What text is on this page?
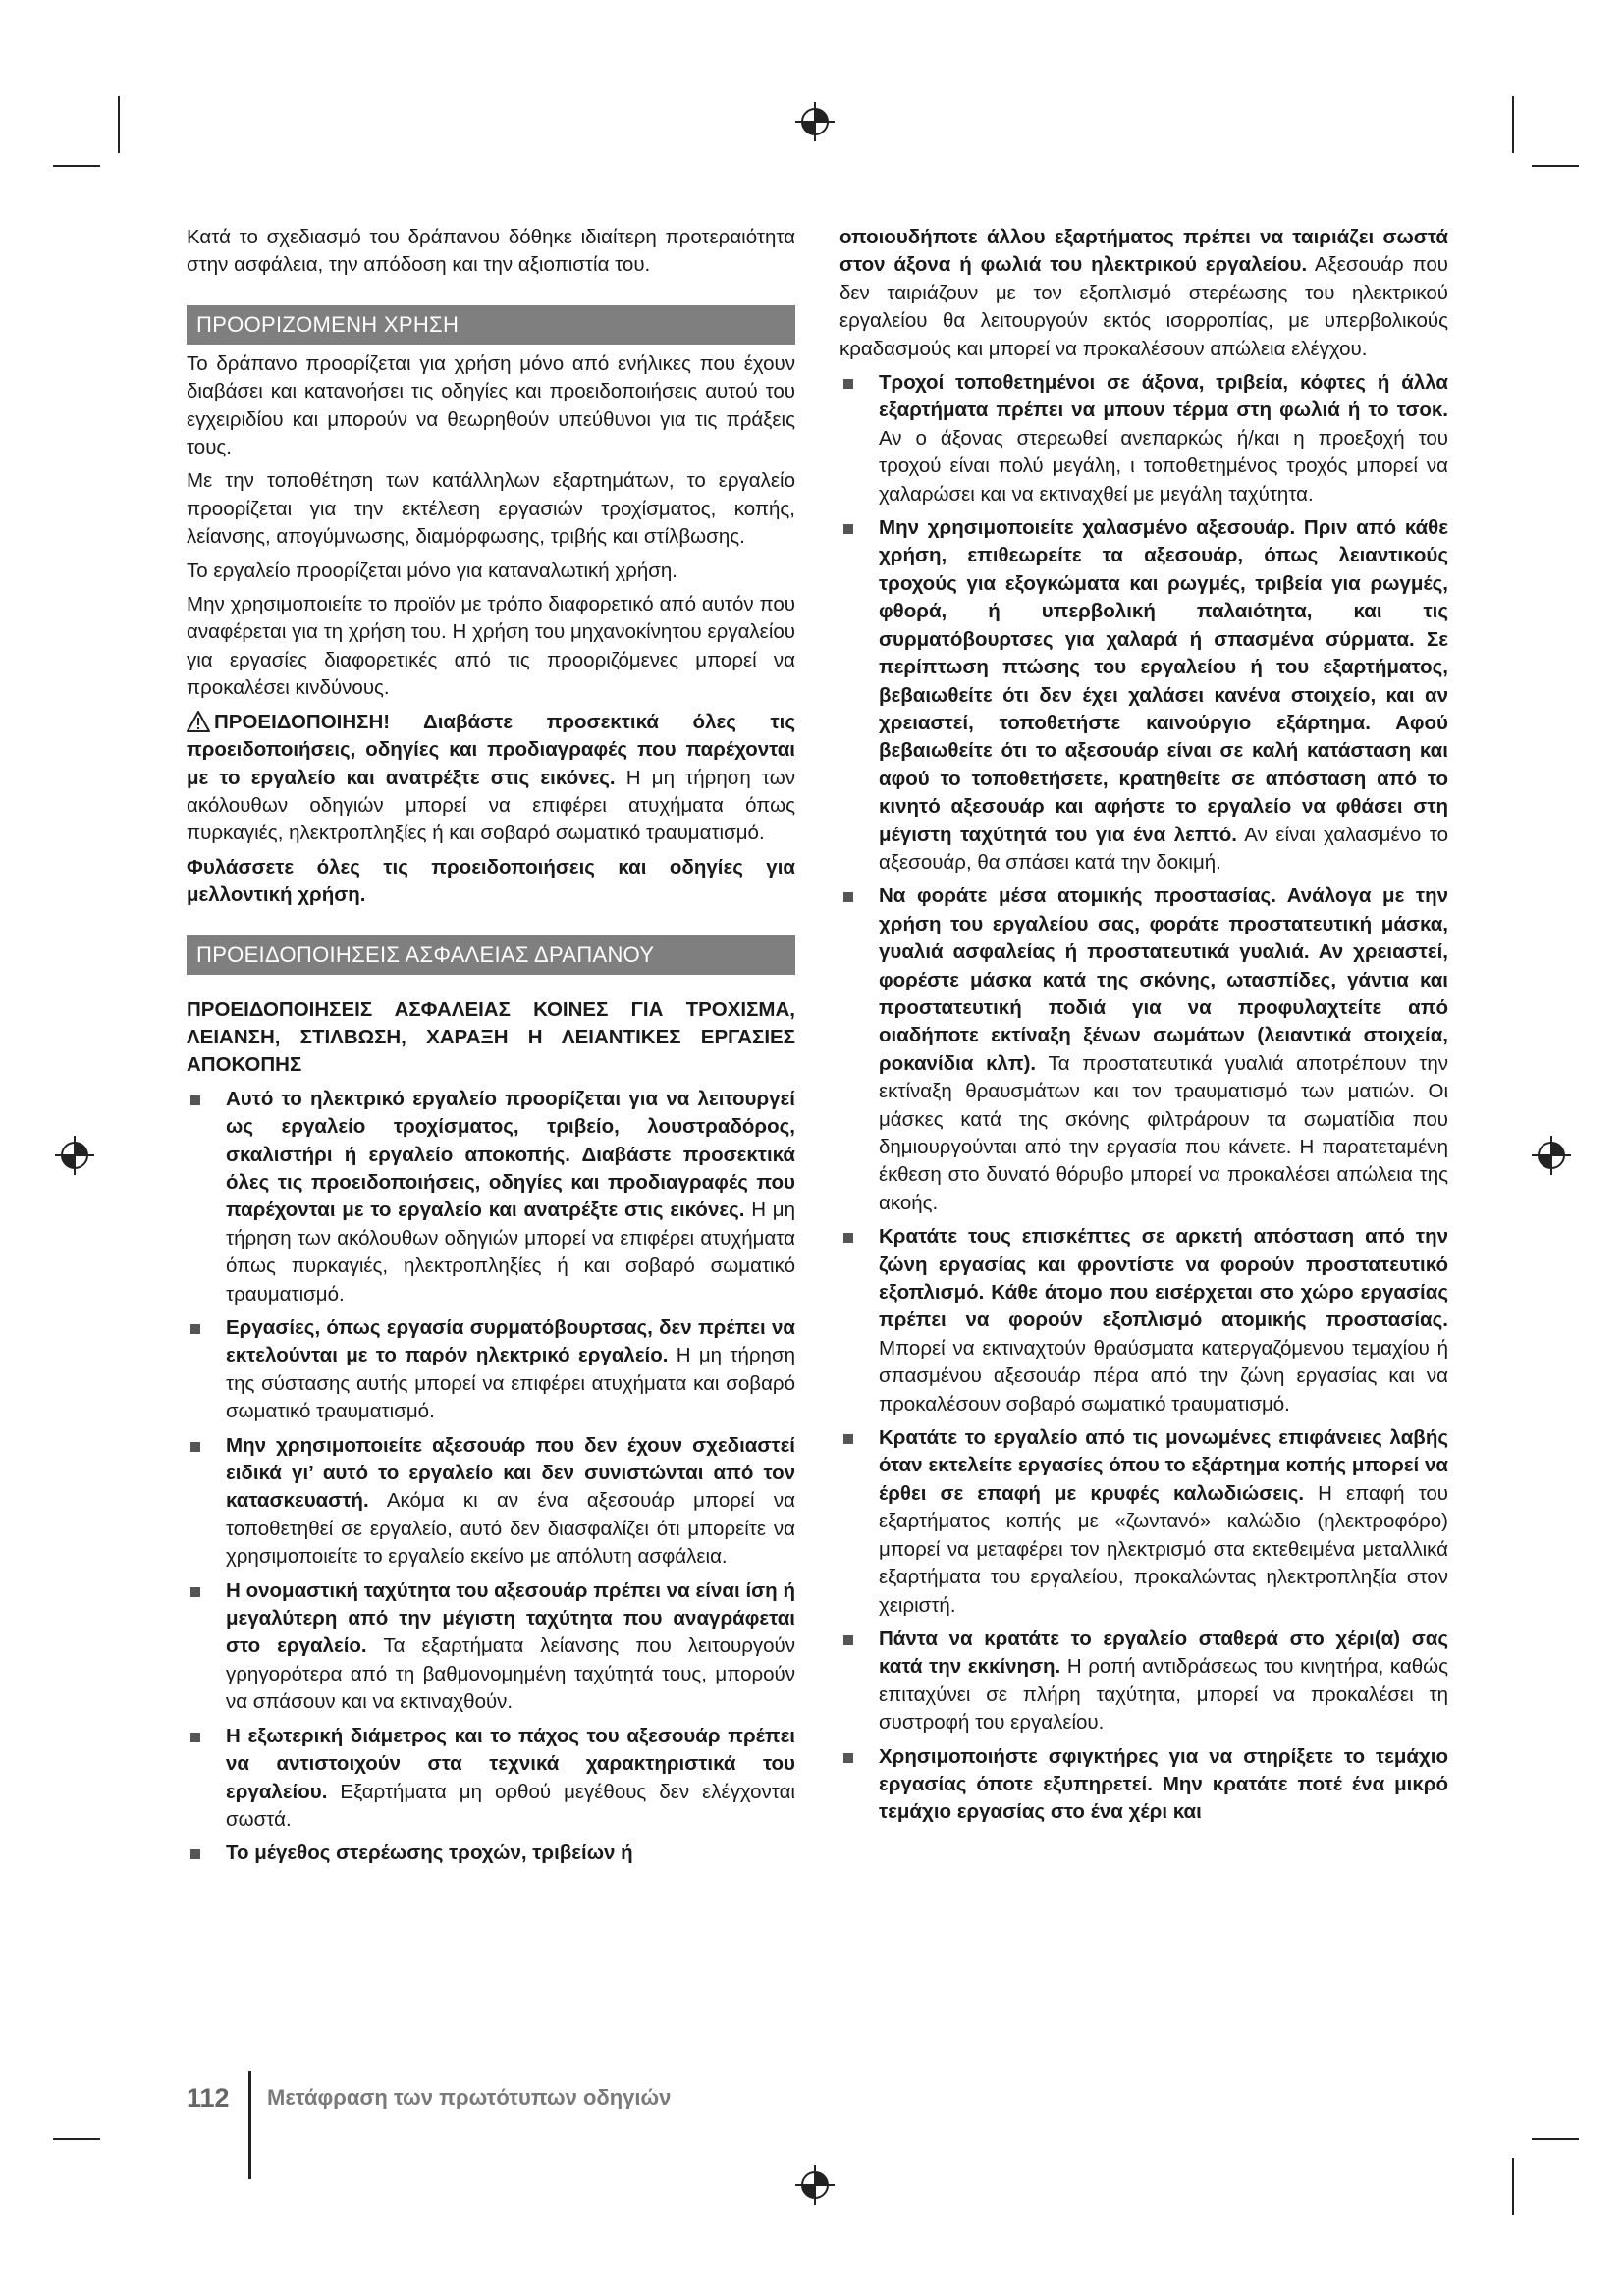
Κατά το σχεδιασμό του δράπανου δόθηκε ιδιαίτερη προτεραιότητα στην ασφάλεια, την απόδοση και την αξιοπιστία του.

ΠΡΟΟΡΙΖΟΜΕΝΗ ΧΡΗΣΗ

Το δράπανο προορίζεται για χρήση μόνο από ενήλικες που έχουν διαβάσει και κατανοήσει τις οδηγίες και προειδοποιήσεις αυτού του εγχειριδίου και μπορούν να θεωρηθούν υπεύθυνοι για τις πράξεις τους.

Με την τοποθέτηση των κατάλληλων εξαρτημάτων, το εργαλείο προορίζεται για την εκτέλεση εργασιών τροχίσματος, κοπής, λείανσης, απογύμνωσης, διαμόρφωσης, τριβής και στίλβωσης.

Το εργαλείο προορίζεται μόνο για καταναλωτική χρήση.

Μην χρησιμοποιείτε το προϊόν με τρόπο διαφορετικό από αυτόν που αναφέρεται για τη χρήση του. Η χρήση του μηχανοκίνητου εργαλείου για εργασίες διαφορετικές από τις προοριζόμενες μπορεί να προκαλέσει κινδύνους.

ΠΡΟΕΙΔΟΠΟΙΗΣΗ! Διαβάστε προσεκτικά όλες τις προειδοποιήσεις, οδηγίες και προδιαγραφές που παρέχονται με το εργαλείο και ανατρέξτε στις εικόνες. Η μη τήρηση των ακόλουθων οδηγιών μπορεί να επιφέρει ατυχήματα όπως πυρκαγιές, ηλεκτροπληξίες ή και σοβαρό σωματικό τραυματισμό.

Φυλάσσετε όλες τις προειδοποιήσεις και οδηγίες για μελλοντική χρήση.

ΠΡΟΕΙΔΟΠΟΙΗΣΕΙΣ ΑΣΦΑΛΕΙΑΣ ΔΡΑΠΑΝΟΥ

ΠΡΟΕΙΔΟΠΟΙΗΣΕΙΣ ΑΣΦΑΛΕΙΑΣ ΚΟΙΝΕΣ ΓΙΑ ΤΡΟΧΙΣΜΑ, ΛΕΙΑΝΣΗ, ΣΤΙΛΒΩΣΗ, ΧΑΡΑΞΗ Η ΛΕΙΑΝΤΙΚΕΣ ΕΡΓΑΣΙΕΣ ΑΠΟΚΟΠΗΣ

Αυτό το ηλεκτρικό εργαλείο προορίζεται για να λειτουργεί ως εργαλείο τροχίσματος, τριβείο, λουστραδόρος, σκαλιστήρι ή εργαλείο αποκοπής. Διαβάστε προσεκτικά όλες τις προειδοποιήσεις, οδηγίες και προδιαγραφές που παρέχονται με το εργαλείο και ανατρέξτε στις εικόνες. Η μη τήρηση των ακόλουθων οδηγιών μπορεί να επιφέρει ατυχήματα όπως πυρκαγιές, ηλεκτροπληξίες ή και σοβαρό σωματικό τραυματισμό.
Εργασίες, όπως εργασία συρματόβουρτσας, δεν πρέπει να εκτελούνται με το παρόν ηλεκτρικό εργαλείο. Η μη τήρηση της σύστασης αυτής μπορεί να επιφέρει ατυχήματα και σοβαρό σωματικό τραυματισμό.
Μην χρησιμοποιείτε αξεσουάρ που δεν έχουν σχεδιαστεί ειδικά γι’ αυτό το εργαλείο και δεν συνιστώνται από τον κατασκευαστή. Ακόμα κι αν ένα αξεσουάρ μπορεί να τοποθετηθεί σε εργαλείο, αυτό δεν διασφαλίζει ότι μπορείτε να χρησιμοποιείτε το εργαλείο εκείνο με απόλυτη ασφάλεια.
Η ονομαστική ταχύτητα του αξεσουάρ πρέπει να είναι ίση ή μεγαλύτερη από την μέγιστη ταχύτητα που αναγράφεται στο εργαλείο. Τα εξαρτήματα λείανσης που λειτουργούν γρηγορότερα από τη βαθμονομημένη ταχύτητά τους, μπορούν να σπάσουν και να εκτιναχθούν.
Η εξωτερική διάμετρος και το πάχος του αξεσουάρ πρέπει να αντιστοιχούν στα τεχνικά χαρακτηριστικά του εργαλείου. Εξαρτήματα μη ορθού μεγέθους δεν ελέγχονται σωστά.
Το μέγεθος στερέωσης τροχών, τριβείων ή

οποιουδήποτε άλλου εξαρτήματος πρέπει να ταιριάζει σωστά στον άξονα ή φωλιά του ηλεκτρικού εργαλείου. Αξεσουάρ που δεν ταιριάζουν με τον εξοπλισμό στερέωσης του ηλεκτρικού εργαλείου θα λειτουργούν εκτός ισορροπίας, με υπερβολικούς κραδασμούς και μπορεί να προκαλέσουν απώλεια ελέγχου.

Τροχοί τοποθετημένοι σε άξονα, τριβεία, κόφτες ή άλλα εξαρτήματα πρέπει να μπουν τέρμα στη φωλιά ή το τσοκ. Αν ο άξονας στερεωθεί ανεπαρκώς ή/και η προεξοχή του τροχού είναι πολύ μεγάλη, ι τοποθετημένος τροχός μπορεί να χαλαρώσει και να εκτιναχθεί με μεγάλη ταχύτητα.
Μην χρησιμοποιείτε χαλασμένο αξεσουάρ. Πριν από κάθε χρήση, επιθεωρείτε τα αξεσουάρ, όπως λειαντικούς τροχούς για εξογκώματα και ρωγμές, τριβεία για ρωγμές, φθορά, ή υπερβολική παλαιότητα, και τις συρματόβουρτσες για χαλαρά ή σπασμένα σύρματα. Σε περίπτωση πτώσης του εργαλείου ή του εξαρτήματος, βεβαιωθείτε ότι δεν έχει χαλάσει κανένα στοιχείο, και αν χρειαστεί, τοποθετήστε καινούργιο εξάρτημα. Αφού βεβαιωθείτε ότι το αξεσουάρ είναι σε καλή κατάσταση και αφού το τοποθετήσετε, κρατηθείτε σε απόσταση από το κινητό αξεσουάρ και αφήστε το εργαλείο να φθάσει στη μέγιστη ταχύτητά του για ένα λεπτό. Αν είναι χαλασμένο το αξεσουάρ, θα σπάσει κατά την δοκιμή.
Να φοράτε μέσα ατομικής προστασίας. Ανάλογα με την χρήση του εργαλείου σας, φοράτε προστατευτική μάσκα, γυαλιά ασφαλείας ή προστατευτικά γυαλιά. Αν χρειαστεί, φορέστε μάσκα κατά της σκόνης, ωτασπίδες, γάντια και προστατευτική ποδιά για να προφυλαχτείτε από οιαδήποτε εκτίναξη ξένων σωμάτων (λειαντικά στοιχεία, ροκανίδια κλπ). Τα προστατευτικά γυαλιά αποτρέπουν την εκτίναξη θραυσμάτων και τον τραυματισμό των ματιών. Οι μάσκες κατά της σκόνης φιλτράρουν τα σωματίδια που δημιουργούνται από την εργασία που κάνετε. Η παρατεταμένη έκθεση στο δυνατό θόρυβο μπορεί να προκαλέσει απώλεια της ακοής.
Κρατάτε τους επισκέπτες σε αρκετή απόσταση από την ζώνη εργασίας και φροντίστε να φορούν προστατευτικό εξοπλισμό. Κάθε άτομο που εισέρχεται στο χώρο εργασίας πρέπει να φορούν εξοπλισμό ατομικής προστασίας. Μπορεί να εκτιναχτούν θραύσματα κατεργαζόμενου τεμαχίου ή σπασμένου αξεσουάρ πέρα από την ζώνη εργασίας και να προκαλέσουν σοβαρό σωματικό τραυματισμό.
Κρατάτε το εργαλείο από τις μονωμένες επιφάνειες λαβής όταν εκτελείτε εργασίες όπου το εξάρτημα κοπής μπορεί να έρθει σε επαφή με κρυφές καλωδιώσεις. Η επαφή του εξαρτήματος κοπής με «ζωντανό» καλώδιο (ηλεκτροφόρο) μπορεί να μεταφέρει τον ηλεκτρισμό στα εκτεθειμένα μεταλλικά εξαρτήματα του εργαλείου, προκαλώντας ηλεκτροπληξία στον χειριστή.
Πάντα να κρατάτε το εργαλείο σταθερά στο χέρι(α) σας κατά την εκκίνηση. Η ροπή αντιδράσεως του κινητήρα, καθώς επιταχύνει σε πλήρη ταχύτητα, μπορεί να προκαλέσει τη συστροφή του εργαλείου.
Χρησιμοποιήστε σφιγκτήρες για να στηρίξετε το τεμάχιο εργασίας όποτε εξυπηρετεί. Μην κρατάτε ποτέ ένα μικρό τεμάχιο εργασίας στο ένα χέρι και
112 Μετάφραση των πρωτότυπων οδηγιών
